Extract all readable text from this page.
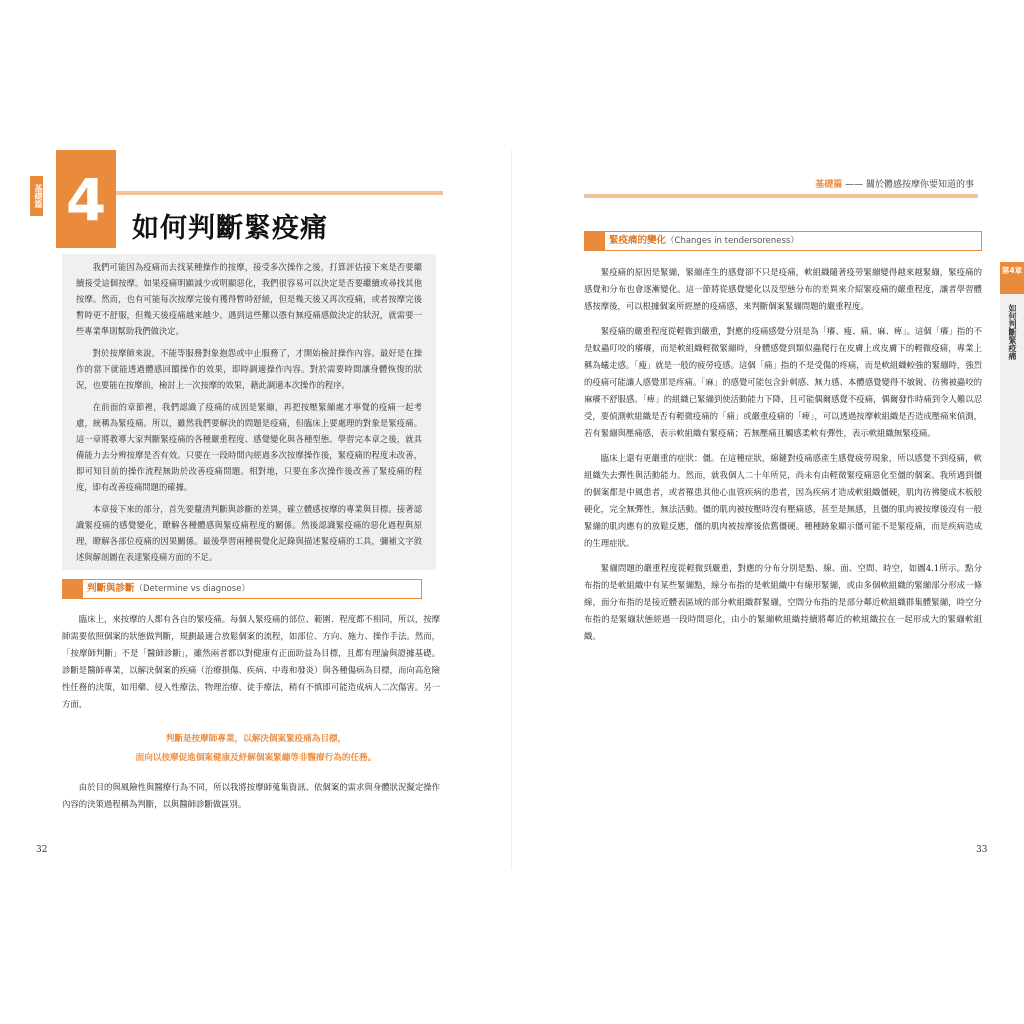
基礎篇 4 如何判斷緊疫痛

我們可能因為疫痛而去找某種操作的按摩，接受多次操作之後，打算評估接下來是否要繼續接受這個按摩。如果疫痛明顯減少或明顯惡化，我們很容易可以決定是否要繼續或尋找其他按摩。然而，也有可能每次按摩完後有獲得暫時舒緩，但是幾天後又再次疫痛，或者按摩完後暫時更不舒服，但幾天後疫痛越來越少。遇到這些難以憑有無疫痛感做決定的狀況，就需要一些專業準則幫助我們做決定。

對於按摩師來說，不能等服務對象抱怨或中止服務了，才開始檢討操作內容。最好是在操作的當下就能透過體感回饋操作的效果，即時調適操作內容。對於需要時間讓身體恢復的狀況，也要能在按摩前，檢討上一次按摩的效果，藉此調適本次操作的程序。

在前面的章節裡，我們認識了疫痛的成因是緊繃，再把按壓緊繃處才寧覺的疫痛一起考慮，統稱為緊疫痛。所以，雖然我們要解決的問題是疫痛，但臨床上要處理的對象是緊疫痛。這一章將教導大家判斷緊疫痛的各種嚴重程度、感覺變化與各種型態。學習完本章之後，就具備能力去分辨按摩是否有效。只要在一段時間內經過多次按摩操作後，緊疫痛的程度未改善，即可知目前的操作流程無助於改善疫痛問題。相對地，只要在多次操作後改善了緊疫痛的程度，即有改善疫痛問題的確據。

本章接下來的部分，首先要釐清判斷與診斷的差異，確立體感按摩的專業與目標。接著認識緊疫痛的感覺變化，瞭解各種體感與緊疫痛程度的關係。然後認識緊疫痛的惡化過程與原理，瞭解各部位疫痛的因果關係。最後學習兩種視覺化記錄與描述緊疫痛的工具，彌補文字敘述與解剖圖在表達緊疫痛方面的不足。

判斷與診斷（Determine vs diagnose）

臨床上，來按摩的人都有各自的緊疫痛。每個人緊疫痛的部位、範圍、程度都不相同，所以，按摩師需要依照個案的狀態做判斷，規劃最適合放鬆個案的流程，如部位、方向、施力、操作手法。然而，「按摩師判斷」不是「醫師診斷」，雖然兩者都以對健康有正面助益為目標，且都有理論與證據基礎。診斷是醫師專業，以解決個案的疾痛（治療損傷、疾病、中毒和發炎）與各種傷病為目標，而向高危險性任務的決策，如用藥、侵入性療法、物理治療、徒手療法，稍有不慎即可能造成病人二次傷害。另一方面，

判斷是按摩師專業，以解決個案緊疫痛為目標，
面向以按摩促進個案健康及紓解個案緊繃等非醫療行為的任務。

由於目的與風險性與醫療行為不同，所以我將按摩師蒐集資訊、依個案的需求與身體狀況擬定操作內容的決策過程稱為判斷，以與醫師診斷做區別。

32
基礎篇 —— 關於體感按摩你要知道的事
緊疫痛的變化（Changes in tendersoreness）

緊疫痛的原因是緊繃，緊繃產生的感覺卻不只是疫痛，軟組織隨著疫勞緊繃變得越來越緊繃，緊疫痛的感覺和分布也會逐漸變化。這一節將從感覺變化以及型態分布的差異來介紹緊疫痛的嚴重程度，讓者學習體感按摩後，可以根據個案所經歷的疫痛感，來判斷個案緊繃問題的嚴重程度。

緊疫痛的嚴重程度從輕微到嚴重，對應的疫痛感覺分別是為「癢、瘦、痛、麻、痺」。這個「癢」指的不是蚊蟲叮咬的癢癢，而是軟組織輕微緊繃時，身體感覺到類似蟲爬行在皮膚上或皮膚下的輕微疫痛，專業上稱為蟻走感。「瘦」就是一般的疲勞疫感。這個「痛」指的不是受傷的疼痛，而是軟組織較強的緊繃時，強烈的疫痛可能讓人感覺那是疼痛。「麻」的感覺可能包含針刺感、無力感、本體感覺變得不敏銳、彷彿被蟲咬的麻癢不舒服感。「痺」的組織已緊繃到使活動能力下降，且可能偶爾感覺不疫痛，偶爾發作時痛到令人難以忍受，要偵測軟組織是否有輕微疫痛的「痛」或嚴重疫痛的「痺」，可以透過按摩軟組織是否造成壓痛來偵測，若有緊繃與壓痛感，表示軟組織有緊疫痛；若無壓痛且觸感柔軟有彈性，表示軟組織無緊疫痛。

臨床上還有更嚴重的症狀：僵。在這種症狀，綿鏈對疫痛感產生感覺疲勞現象，所以感覺不到疫痛，軟組織失去彈性與活動能力。然而，就我個人二十年所見，尚未有由輕微緊疫痛惡化至僵的個案。我所遇到僵的個案都是中風患者，或者罹患其他心血管疾病的患者，因為疾病才造成軟組織僵硬，肌肉彷彿變成木板般硬化，完全無彈性，無法活動。僵的肌肉被按壓時沒有壓痛感，甚至是無感，且僵的肌肉被按摩後沒有一般緊繃的肌肉應有的放鬆反應，僵的肌肉被按摩後依舊僵硬。種種跡象顯示僵可能不是緊疫痛，而是疾病造成的生理症狀。

緊繃問題的嚴重程度從輕微到嚴重，對應的分布分別是點、線、面、空間、時空，如圖4.1所示。點分布指的是軟組織中有某些緊繃點，線分布指的是軟組織中有線形緊繃，或由多個軟組織的緊繃部分形成一條線，面分布指的是接近體表區域的部分軟組織群緊繃，空間分布指的是部分鄰近軟組織群集體緊繃，時空分布指的是緊繃狀態經過一段時間惡化，由小的緊繃軟組織持續將鄰近的軟組織拉在一起形成大的緊繃軟組織。

33
第4章
如何判斷緊疫痛
